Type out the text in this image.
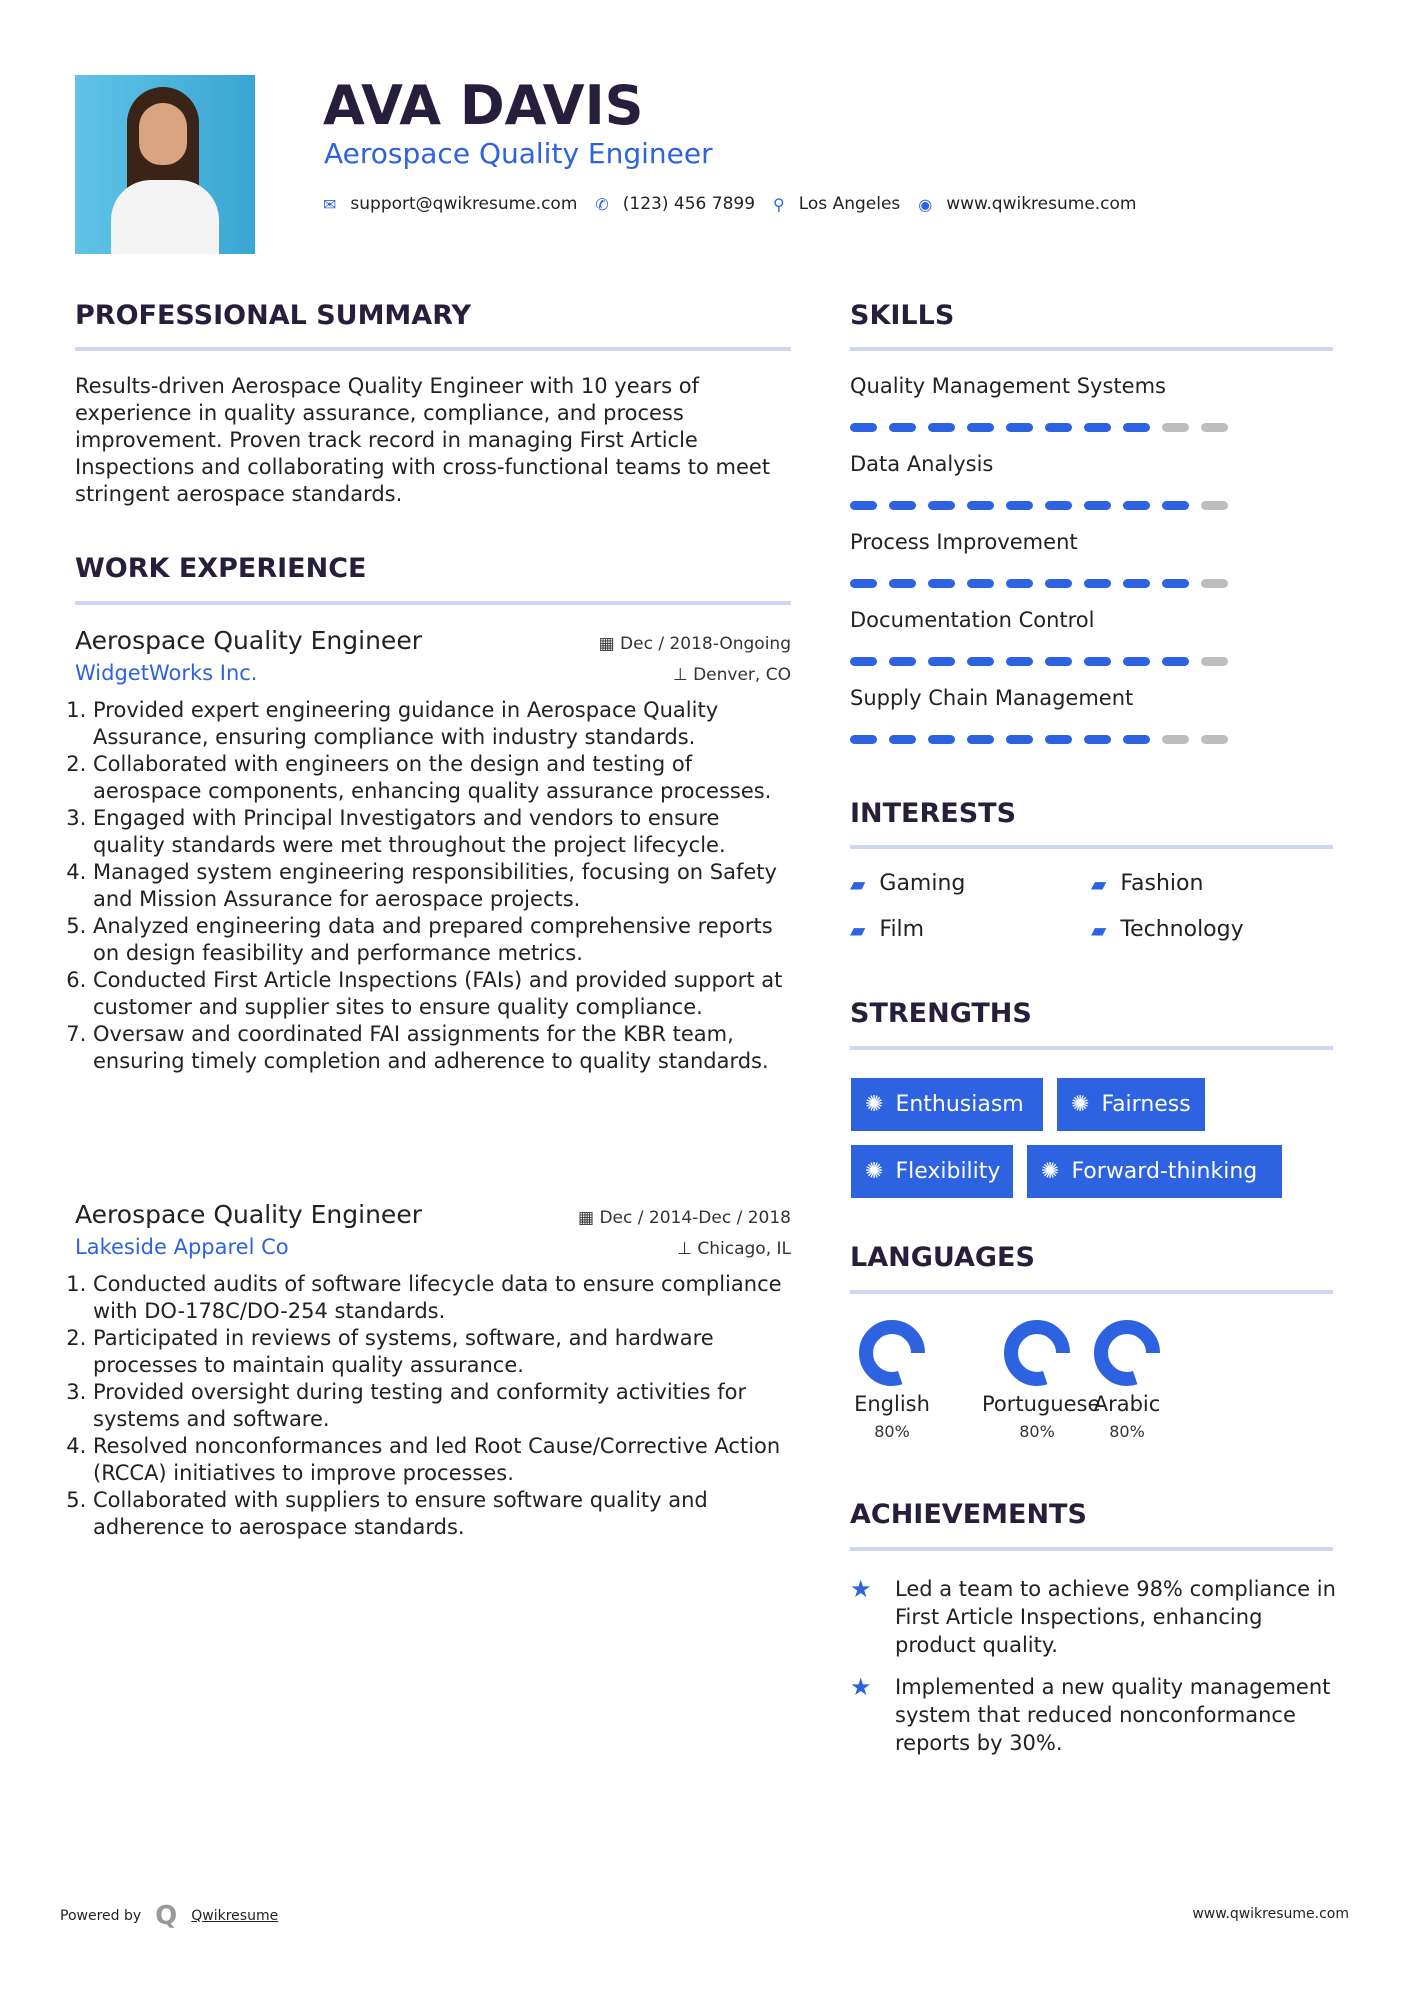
AVA DAVIS
Aerospace Quality Engineer
✉ support@qwikresume.com ✆ (123) 456 7899 ⚲ Los Angeles ◉ www.qwikresume.com
PROFESSIONAL SUMMARY
Results-driven Aerospace Quality Engineer with 10 years of experience in quality assurance, compliance, and process improvement. Proven track record in managing First Article Inspections and collaborating with cross-functional teams to meet stringent aerospace standards.
WORK EXPERIENCE
Aerospace Quality Engineer	▦ Dec / 2018-Ongoing
WidgetWorks Inc.	⊥ Denver, CO
1. Provided expert engineering guidance in Aerospace Quality Assurance, ensuring compliance with industry standards.
2. Collaborated with engineers on the design and testing of aerospace components, enhancing quality assurance processes.
3. Engaged with Principal Investigators and vendors to ensure quality standards were met throughout the project lifecycle.
4. Managed system engineering responsibilities, focusing on Safety and Mission Assurance for aerospace projects.
5. Analyzed engineering data and prepared comprehensive reports on design feasibility and performance metrics.
6. Conducted First Article Inspections (FAIs) and provided support at customer and supplier sites to ensure quality compliance.
7. Oversaw and coordinated FAI assignments for the KBR team, ensuring timely completion and adherence to quality standards.
Aerospace Quality Engineer	▦ Dec / 2014-Dec / 2018
Lakeside Apparel Co	⊥ Chicago, IL
1. Conducted audits of software lifecycle data to ensure compliance with DO-178C/DO-254 standards.
2. Participated in reviews of systems, software, and hardware processes to maintain quality assurance.
3. Provided oversight during testing and conformity activities for systems and software.
4. Resolved nonconformances and led Root Cause/Corrective Action (RCCA) initiatives to improve processes.
5. Collaborated with suppliers to ensure software quality and adherence to aerospace standards.
SKILLS
Quality Management Systems
Data Analysis
Process Improvement
Documentation Control
Supply Chain Management
INTERESTS
▰ Gaming	▰ Fashion
▰ Film	▰ Technology
STRENGTHS
✺ Enthusiasm ✺ Fairness
✺ Flexibility ✺ Forward-thinking
LANGUAGES
English
80%
Portuguese
80%
Arabic
80%
ACHIEVEMENTS
★	Led a team to achieve 98% compliance in First Article Inspections, enhancing product quality.
★	Implemented a new quality management system that reduced nonconformance reports by 30%.
Powered by Q Qwikresume	www.qwikresume.com
